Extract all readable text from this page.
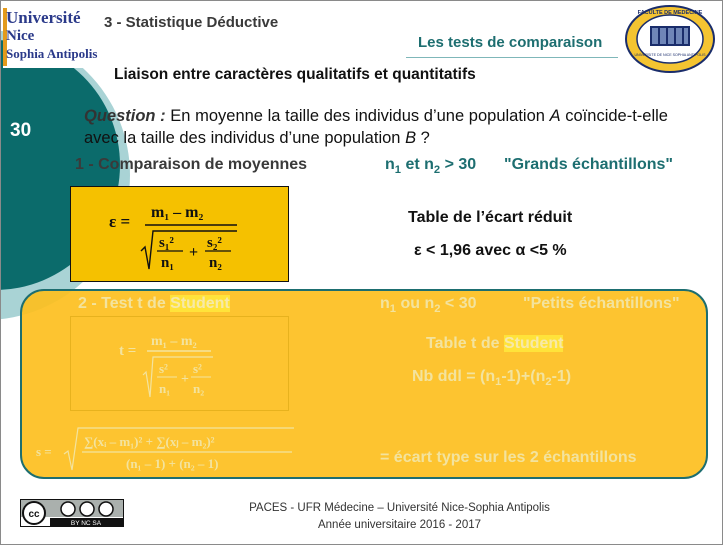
Université
Nice
Sophia Antipolis
3 - Statistique Déductive
Les tests de comparaison
FACULTE DE MEDECINE
UNIVERSITE DE NICE SOPHIA ANTIPOLIS
Liaison entre caractères qualitatifs et quantitatifs
30
Question : En moyenne la taille des individus d’une population A coïncide-t-elle avec la taille des individus d’une population B ?
1 - Comparaison de moyennes	$n_1$ et $n_2 > 30$ "Grands échantillons"
ε = m₁ – m₂
s₁²
n₁
+
s₂²
n₂
Table de l’écart réduit
ε < 1,96 avec α <5 %
2 - Test t de Student	$n_1$ ou $n_2 < 30$	"Petits échantillons"
t =
m₁ – m₂
s²
n₁
+
s²
n₂
Table t de Student
Nb ddl = $(n_1-1)+(n_2-1)$
s =
∑(xᵢ – m₁)² + ∑(xⱼ – m₂)²
(n₁ – 1) + (n₂ – 1)	= écart type sur les 2 échantillons
cc
BY NC SA
PACES - UFR Médecine – Université Nice-Sophia Antipolis
Année universitaire 2016 - 2017
